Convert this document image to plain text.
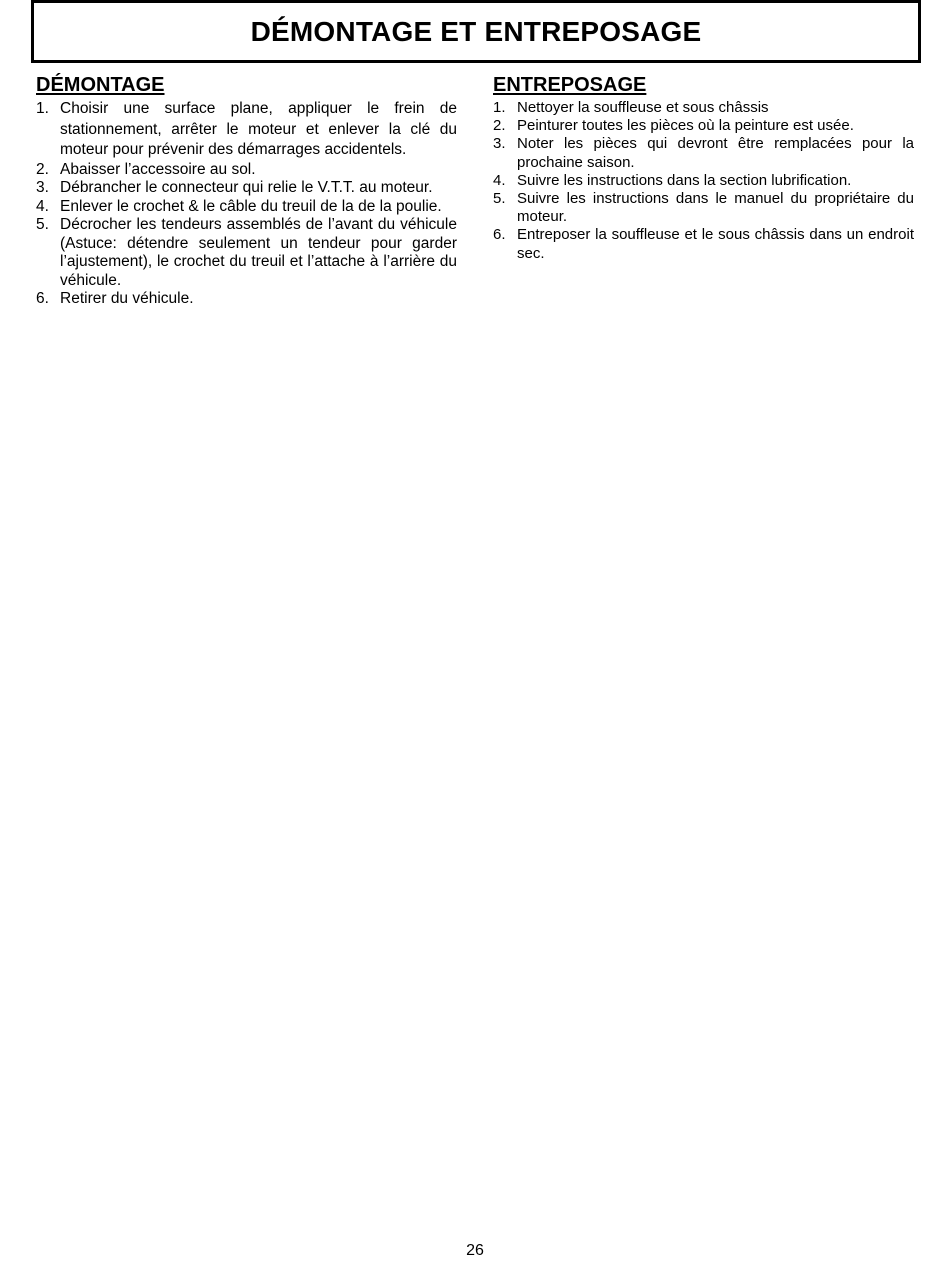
DÉMONTAGE ET ENTREPOSAGE
DÉMONTAGE
1. Choisir une surface plane, appliquer le frein de stationnement, arrêter le moteur et enlever la clé du moteur pour prévenir des démarrages accidentels.
2. Abaisser l’accessoire au sol.
3. Débrancher le connecteur qui relie le V.T.T. au moteur.
4. Enlever le crochet & le câble du treuil de la de la poulie.
5. Décrocher les tendeurs assemblés de l’avant du véhicule (Astuce: détendre seulement un tendeur pour garder l’ajustement), le crochet du treuil et l’attache à l’arrière du véhicule.
6. Retirer du véhicule.
ENTREPOSAGE
1. Nettoyer la souffleuse et sous châssis
2. Peinturer toutes les pièces où la peinture est usée.
3. Noter les pièces qui devront être remplacées pour la prochaine saison.
4. Suivre les instructions dans la section lubrification.
5. Suivre les instructions dans le manuel du propriétaire du moteur.
6. Entreposer la souffleuse et le sous châssis dans un endroit sec.
26
